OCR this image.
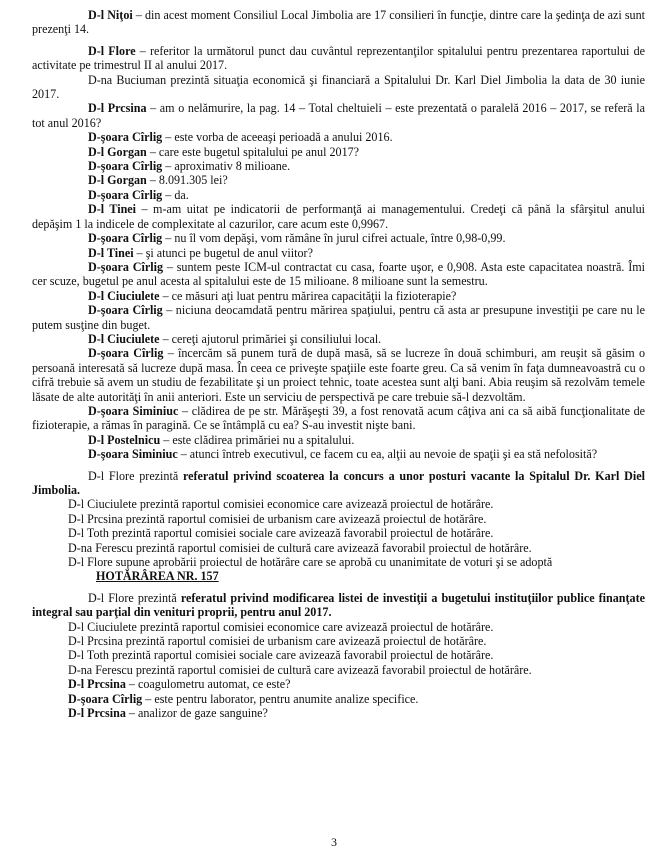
D-l Niţoi – din acest moment Consiliul Local Jimbolia are 17 consilieri în funcţie, dintre care la şedinţa de azi sunt prezenţi 14.

D-l Flore – referitor la următorul punct dau cuvântul reprezentanţilor spitalului pentru prezentarea raportului de activitate pe trimestrul II al anului 2017.

D-na Buciuman prezintă situaţia economică şi financiară a Spitalului Dr. Karl Diel Jimbolia la data de 30 iunie 2017.

D-l Prcsina – am o nelămurire, la pag. 14 – Total cheltuieli – este prezentată o paralelă 2016 – 2017, se referă la tot anul 2016?

D-şoara Cîrlig – este vorba de aceeaşi perioadă a anului 2016.

D-l Gorgan – care este bugetul spitalului pe anul 2017?

D-şoara Cîrlig – aproximativ 8 milioane.

D-l Gorgan – 8.091.305 lei?

D-şoara Cîrlig – da.

D-l Tinei – m-am uitat pe indicatorii de performanţă ai managementului. Credeţi că până la sfârşitul anului depăşim 1 la indicele de complexitate al cazurilor, care acum este 0,9967.

D-şoara Cîrlig – nu îl vom depăşi, vom rămâne în jurul cifrei actuale, între 0,98-0,99.

D-l Tinei – şi atunci pe bugetul de anul viitor?

D-şoara Cîrlig – suntem peste ICM-ul contractat cu casa, foarte uşor, e 0,908. Asta este capacitatea noastră. Îmi cer scuze, bugetul pe anul acesta al spitalului este de 15 milioane. 8 milioane sunt la semestru.

D-l Ciuciulete – ce măsuri aţi luat pentru mărirea capacităţii la fizioterapie?

D-şoara Cîrlig – niciuna deocamdată pentru mărirea spaţiului, pentru că asta ar presupune investiţii pe care nu le putem susţine din buget.

D-l Ciuciulete – cereţi ajutorul primăriei şi consiliului local.

D-şoara Cîrlig – încercăm să punem tură de după masă, să se lucreze în două schimburi, am reuşit să găsim o persoană interesată să lucreze după masa. În ceea ce priveşte spaţiile este foarte greu. Ca să venim în faţa dumneavoastră cu o cifră trebuie să avem un studiu de fezabilitate şi un proiect tehnic, toate acestea sunt alţi bani. Abia reuşim să rezolvăm temele lăsate de alte autorităţi în anii anteriori. Este un serviciu de perspectivă pe care trebuie să-l dezvoltăm.

D-şoara Siminiuc – clădirea de pe str. Mărăşeşti 39, a fost renovată acum câţiva ani ca să aibă funcţionalitate de fizioterapie, a rămas în paragină. Ce se întâmplă cu ea? S-au investit nişte bani.

D-l Postelnicu – este clădirea primăriei nu a spitalului.

D-şoara Siminiuc – atunci întreb executivul, ce facem cu ea, alţii au nevoie de spaţii şi ea stă nefolosită?

D-l Flore prezintă referatul privind scoaterea la concurs a unor posturi vacante la Spitalul Dr. Karl Diel Jimbolia.

D-l Ciuciulete prezintă raportul comisiei economice care avizează proiectul de hotărâre.

D-l Prcsina prezintă raportul comisiei de urbanism care avizează proiectul de hotărâre.

D-l Toth prezintă raportul comisiei sociale care avizează favorabil proiectul de hotărâre.

D-na Ferescu prezintă raportul comisiei de cultură care avizează favorabil proiectul de hotărâre.

D-l Flore supune aprobării proiectul de hotărâre care se aprobă cu unanimitate de voturi şi se adoptă

HOTĂRÂREA NR. 157

D-l Flore prezintă referatul privind modificarea listei de investiţii a bugetului instituţiilor publice finanţate integral sau parţial din venituri proprii, pentru anul 2017.

D-l Ciuciulete prezintă raportul comisiei economice care avizează proiectul de hotărâre.

D-l Prcsina prezintă raportul comisiei de urbanism care avizează proiectul de hotărâre.

D-l Toth prezintă raportul comisiei sociale care avizează favorabil proiectul de hotărâre.

D-na Ferescu prezintă raportul comisiei de cultură care avizează favorabil proiectul de hotărâre.

D-l Prcsina – coagulometru automat, ce este?

D-şoara Cîrlig – este pentru laborator, pentru anumite analize specifice.

D-l Prcsina – analizor de gaze sanguine?

3
